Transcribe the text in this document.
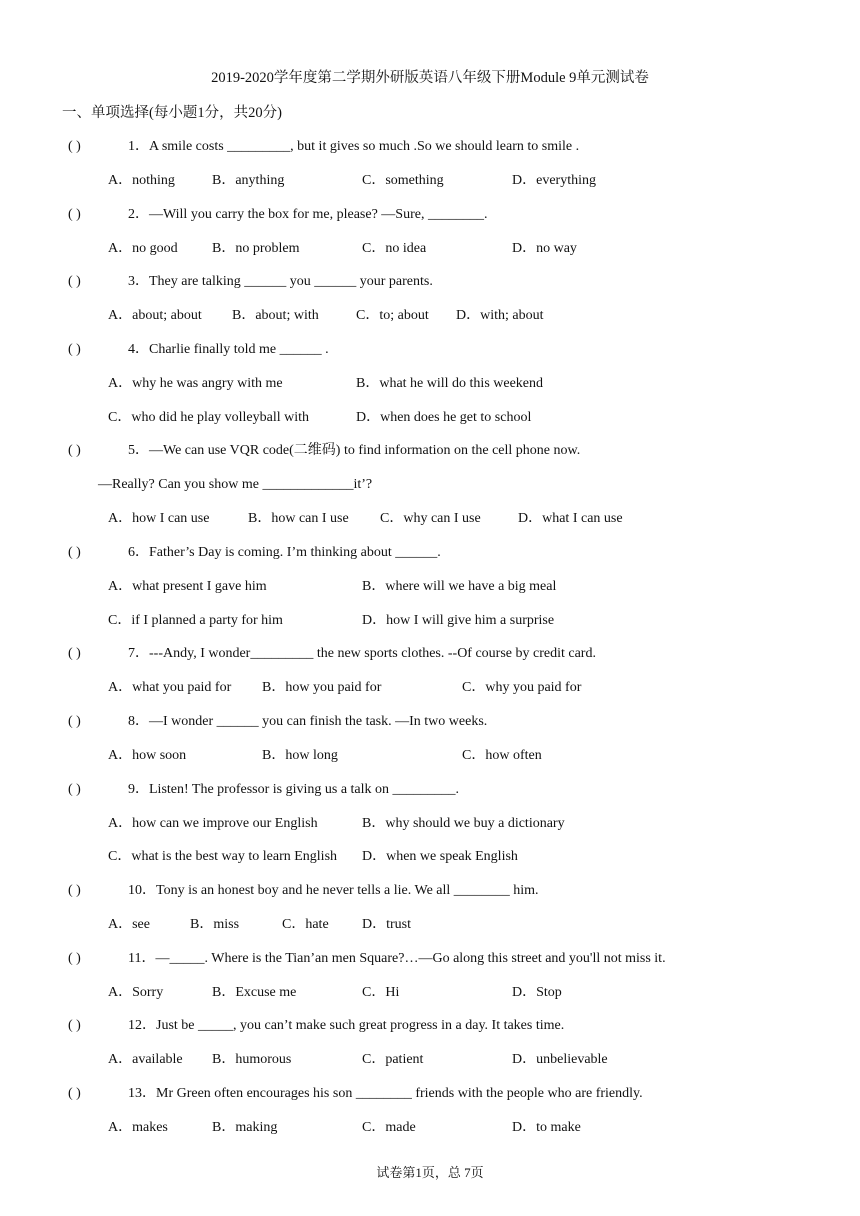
2019-2020学年度第二学期外研版英语八年级下册Module 9单元测试卷
一、单项选择(每小题1分，共20分)
( )	1．A smile costs _________, but it gives so much .So we should learn to smile .
A．nothing	B．anything	C．something	D．everything
( )	2．—Will you carry the box for me, please? —Sure, ________.
A．no good B．no problem	C．no idea	D．no way
( )	3．They are talking ______ you ______ your parents.
A．about; about B．about; with	C．to; about D．with; about
( )	4．Charlie finally told me ______ .
A．why he was angry with me	B．what he will do this weekend
C．who did he play volleyball with	D．when does he get to school
( )	5．—We can use VQR code(二维码) to find information on the cell phone now.
—Really? Can you show me _____________it’?
A．how I can use	B．how can I use C．why can I use	D．what I can use
( )	6．Father’s Day is coming. I’m thinking about ______.
A．what present I gave him	B．where will we have a big meal
C．if I planned a party for him	D．how I will give him a surprise
( )	7．---Andy, I wonder_________ the new sports clothes. --Of course by credit card.
A．what you paid for B．how you paid for	C．why you paid for
( )	8．—I wonder ______ you can finish the task. —In two weeks.
A．how soon	B．how long	C．how often
( )	9．Listen! The professor is giving us a talk on _________.
A．how can we improve our English	B．why should we buy a dictionary
C．what is the best way to learn English D．when we speak English
( )	10．Tony is an honest boy and he never tells a lie. We all ________ him.
A．see	B．miss	C．hate D．trust
( )	11．—_____. Where is the Tian’an men Square?…—Go along this street and you'll not miss it.
A．Sorry	B．Excuse me	C．Hi	D．Stop
( )	12．Just be _____, you can’t make such great progress in a day. It takes time.
A．available B．humorous	C．patient	D．unbelievable
( )	13．Mr Green often encourages his son ________ friends with the people who are friendly.
A．makes	B．making	C．made	D．to make
试卷第1页，总 7页
